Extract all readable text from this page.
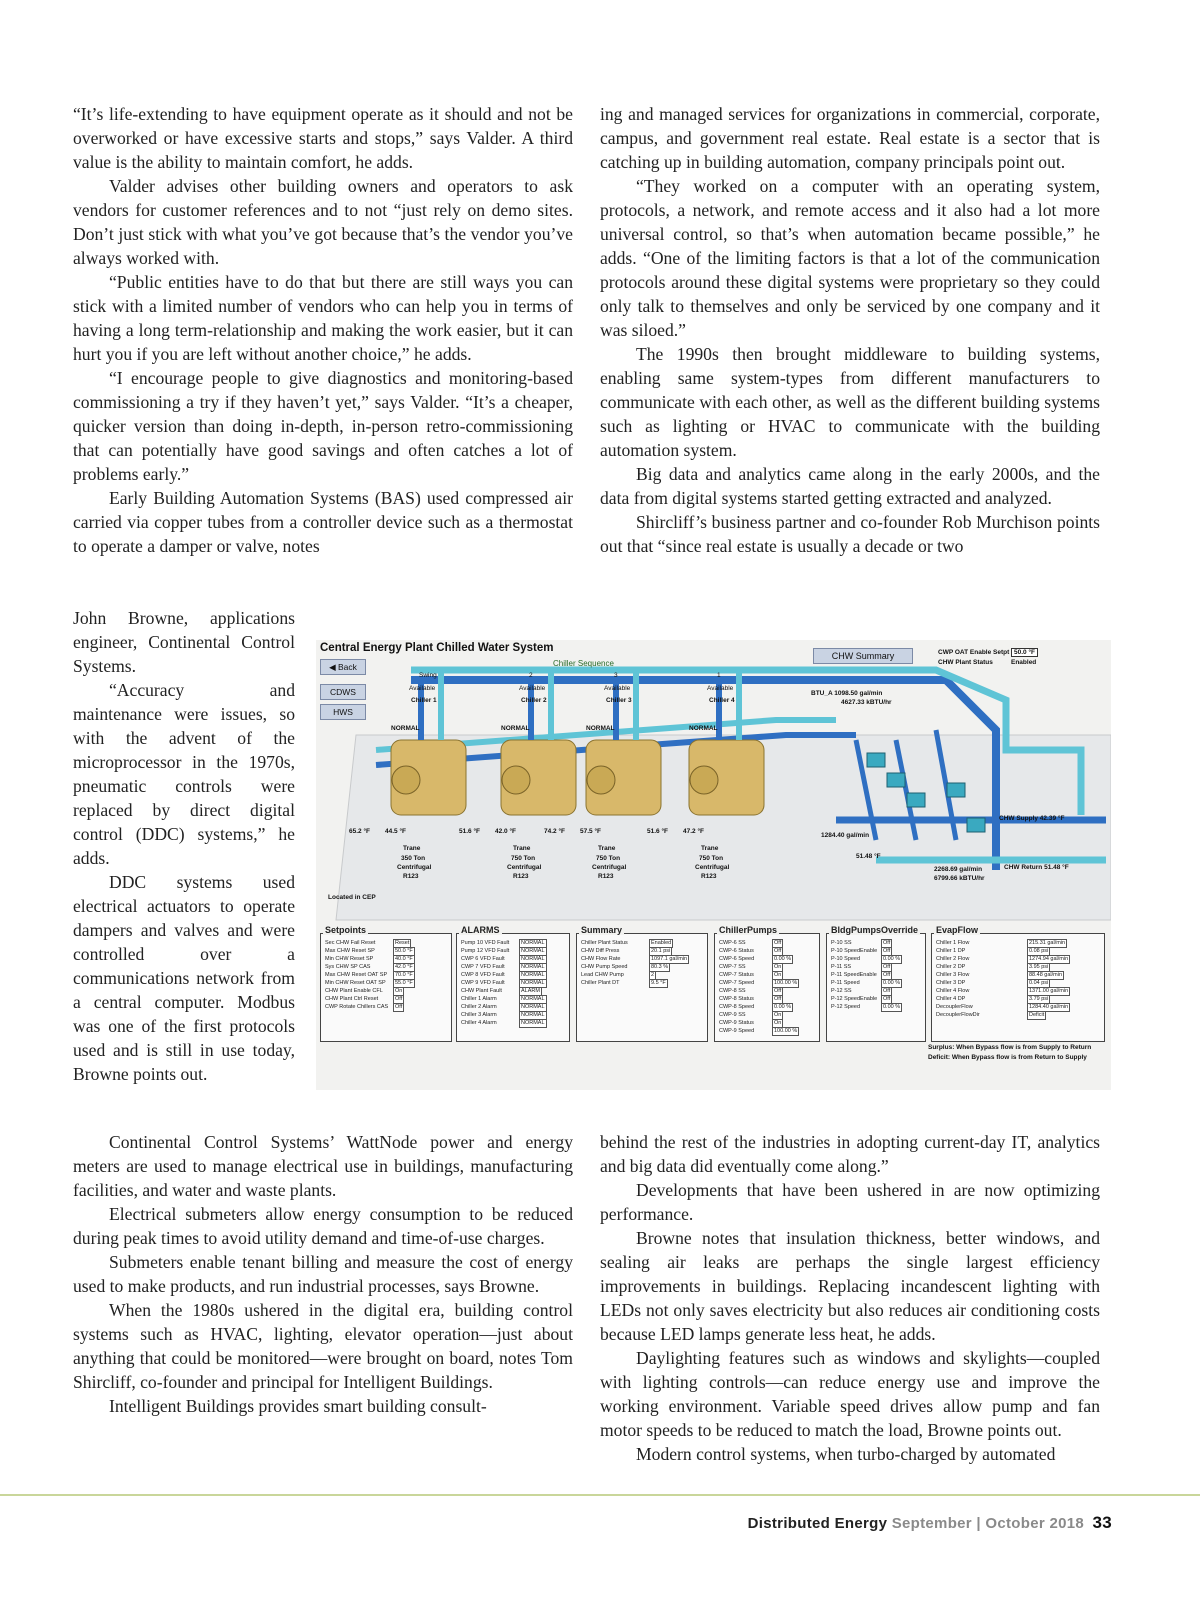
“It’s life-extending to have equipment operate as it should and not be overworked or have excessive starts and stops,” says Valder. A third value is the ability to maintain comfort, he adds.

Valder advises other building owners and operators to ask vendors for customer references and to not “just rely on demo sites. Don’t just stick with what you’ve got because that’s the vendor you’ve always worked with.

“Public entities have to do that but there are still ways you can stick with a limited number of vendors who can help you in terms of having a long term-relationship and making the work easier, but it can hurt you if you are left without another choice,” he adds.

“I encourage people to give diagnostics and monitoring-based commissioning a try if they haven’t yet,” says Valder. “It’s a cheaper, quicker version than doing in-depth, in-person retro-commissioning that can potentially have good savings and often catches a lot of problems early.”

Early Building Automation Systems (BAS) used compressed air carried via copper tubes from a controller device such as a thermostat to operate a damper or valve, notes

John Browne, applications engineer, Continental Control Systems.

“Accuracy and maintenance were issues, so with the advent of the microprocessor in the 1970s, pneumatic controls were replaced by direct digital control (DDC) systems,” he adds.

DDC systems used electrical actuators to operate dampers and valves and were controlled over a communications network from a central computer. Modbus was one of the first protocols used and is still in use today, Browne points out.

ing and managed services for organizations in commercial, corporate, campus, and government real estate. Real estate is a sector that is catching up in building automation, company principals point out.

“They worked on a computer with an operating system, protocols, a network, and remote access and it also had a lot more universal control, so that’s when automation became possible,” he adds. “One of the limiting factors is that a lot of the communication protocols around these digital systems were proprietary so they could only talk to themselves and only be serviced by one company and it was siloed.”

The 1990s then brought middleware to building systems, enabling same system-types from different manufacturers to communicate with each other, as well as the different building systems such as lighting or HVAC to communicate with the building automation system.

Big data and analytics came along in the early 2000s, and the data from digital systems started getting extracted and analyzed.

Shircliff’s business partner and co-founder Rob Murchison points out that “since real estate is usually a decade or two

Continental Control Systems’ WattNode power and energy meters are used to manage electrical use in buildings, manufacturing facilities, and water and waste plants.

Electrical submeters allow energy consumption to be reduced during peak times to avoid utility demand and time-of-use charges.

Submeters enable tenant billing and measure the cost of energy used to make products, and run industrial processes, says Browne.

When the 1980s ushered in the digital era, building control systems such as HVAC, lighting, elevator operation—just about anything that could be monitored—were brought on board, notes Tom Shircliff, co-founder and principal for Intelligent Buildings.

Intelligent Buildings provides smart building consult-

behind the rest of the industries in adopting current-day IT, analytics and big data did eventually come along.”

Developments that have been ushered in are now optimizing performance.

Browne notes that insulation thickness, better windows, and sealing air leaks are perhaps the single largest efficiency improvements in buildings. Replacing incandescent lighting with LEDs not only saves electricity but also reduces air conditioning costs because LED lamps generate less heat, he adds.

Daylighting features such as windows and skylights—coupled with lighting controls—can reduce energy use and improve the working environment. Variable speed drives allow pump and fan motor speeds to be reduced to match the load, Browne points out.

Modern control systems, when turbo-charged by automated

Central Energy Plant Chilled Water System
◀ Back
CDWS
HWS
CHW Summary
Chiller Sequence
CWP OAT Enable Setpt 50.0 °F
CHW Plant Status	Enabled
BTU_A 1098.50 gal/min
4627.33 kBTU/hr
CHW Supply 42.39 °F
CHW Return 51.48 °F
2268.69 gal/min
6799.66 kBTU/hr
1284.40 gal/min
51.48 °F
Located in CEP
Swing
Available
Chiller 1
NORMAL
65.2 °F 44.5 °F
Trane
350 Ton
Centrifugal
R123
2
Available
Chiller 2
NORMAL
51.6 °F 42.0 °F
Trane
750 Ton
Centrifugal
R123
3
Available
Chiller 3
NORMAL
74.2 °F 57.5 °F
Trane
750 Ton
Centrifugal
R123
1
Available
Chiller 4
NORMAL
51.6 °F 47.2 °F
Trane
750 Ton
Centrifugal
R123
Setpoints
Sec CHW Fail Reset	Reset
Max CHW Reset SP	50.0 °F
Min CHW Reset SP	40.0 °F
Sys CHW SP CAS	42.0 °F
Max CHW Reset OAT SP	70.0 °F
Min CHW Reset OAT SP	55.0 °F
CHW Plant Enable CFL	On
CHW Plant Ctrl Reset	Off
CWP Rotate Chillers CAS	Off
ALARMS
Pump 10 VFD Fault	NORMAL
Pump 12 VFD Fault	NORMAL
CWP 6 VFD Fault	NORMAL
CWP 7 VFD Fault	NORMAL
CWP 8 VFD Fault	NORMAL
CWP 9 VFD Fault	NORMAL
CHW Plant Fault	ALARM
Chiller 1 Alarm	NORMAL
Chiller 2 Alarm	NORMAL
Chiller 3 Alarm	NORMAL
Chiller 4 Alarm	NORMAL
Summary
Chiller Plant Status	Enabled
CHW Diff Press	20.1 psi
CHW Flow Rate	1097.1 gal/min
CHW Pump Speed	80.3 %
Lead CHW Pump	2
Chiller Plant DT	9.5 °F
ChillerPumps
CWP-6 SS	Off
CWP-6 Status	Off
CWP-6 Speed	0.00 %
CWP-7 SS	On
CWP-7 Status	On
CWP-7 Speed	100.00 %
CWP-8 SS	Off
CWP-8 Status	Off
CWP-8 Speed	0.00 %
CWP-9 SS	On
CWP-9 Status	On
CWP-9 Speed	100.00 %
BldgPumpsOverride
P-10 SS	Off
P-10 SpeedEnable	Off
P-10 Speed	0.00 %
P-11 SS	Off
P-11 SpeedEnable	Off
P-11 Speed	0.00 %
P-12 SS	Off
P-12 SpeedEnable	Off
P-12 Speed	0.00 %
EvapFlow
Chiller 1 Flow	215.31 gal/min
Chiller 1 DP	0.08 psi
Chiller 2 Flow	1274.94 gal/min
Chiller 2 DP	3.95 psi
Chiller 3 Flow	88.48 gal/min
Chiller 3 DP	0.04 psi
Chiller 4 Flow	1371.00 gal/min
Chiller 4 DP	3.79 psi
DecouplerFlow	1284.40 gal/min
DecouplerFlowDir	Deficit
Surplus: When Bypass flow is from Supply to Return
Deficit: When Bypass flow is from Return to Supply
Distributed Energy September | October 2018 33
